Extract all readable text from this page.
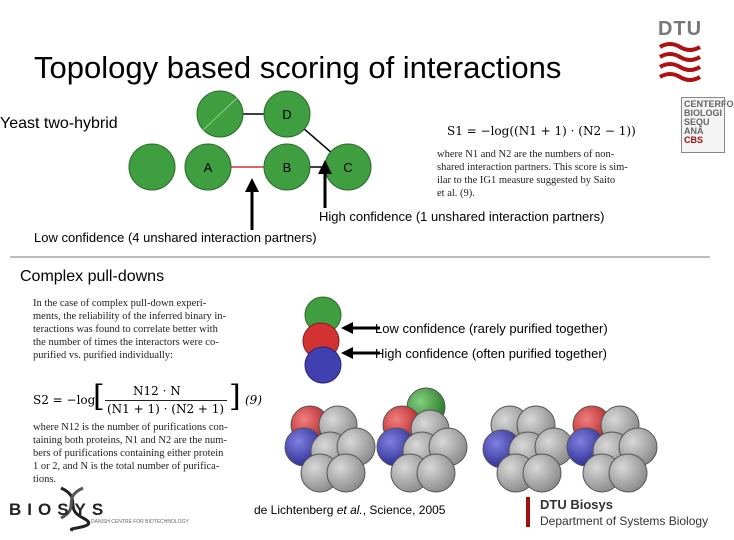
Topology based scoring of interactions
DTU
CENTERFO
BIOLOGI
SEQU
ANA
CBS
Yeast two-hybrid
D
A	B	C
S1 = −log((N1 + 1) · (N2 − 1))
where N1 and N2 are the numbers of non-
shared interaction partners. This score is sim-
ilar to the IG1 measure suggested by Saito
et al. (9).
High confidence (1 unshared interaction partners)
Low confidence (4 unshared interaction partners)
Complex pull-downs
In the case of complex pull-down experi-
ments, the reliability of the inferred binary in-
teractions was found to correlate better with
the number of times the interactors were co-
purified vs. purified individually:
S2 = −log
[ N12 · N
(N1 + 1) · (N2 + 1) ] (9)
where N12 is the number of purifications con-
taining both proteins, N1 and N2 are the num-
bers of purifications containing either protein
1 or 2, and N is the total number of purifica-
tions.
Low confidence (rarely purified together)
High confidence (often purified together)
de Lichtenberg et al., Science, 2005
BIOSYS
DANISH CENTRE FOR BIOTECHNOLOGY
DTU Biosys
Department of Systems Biology
